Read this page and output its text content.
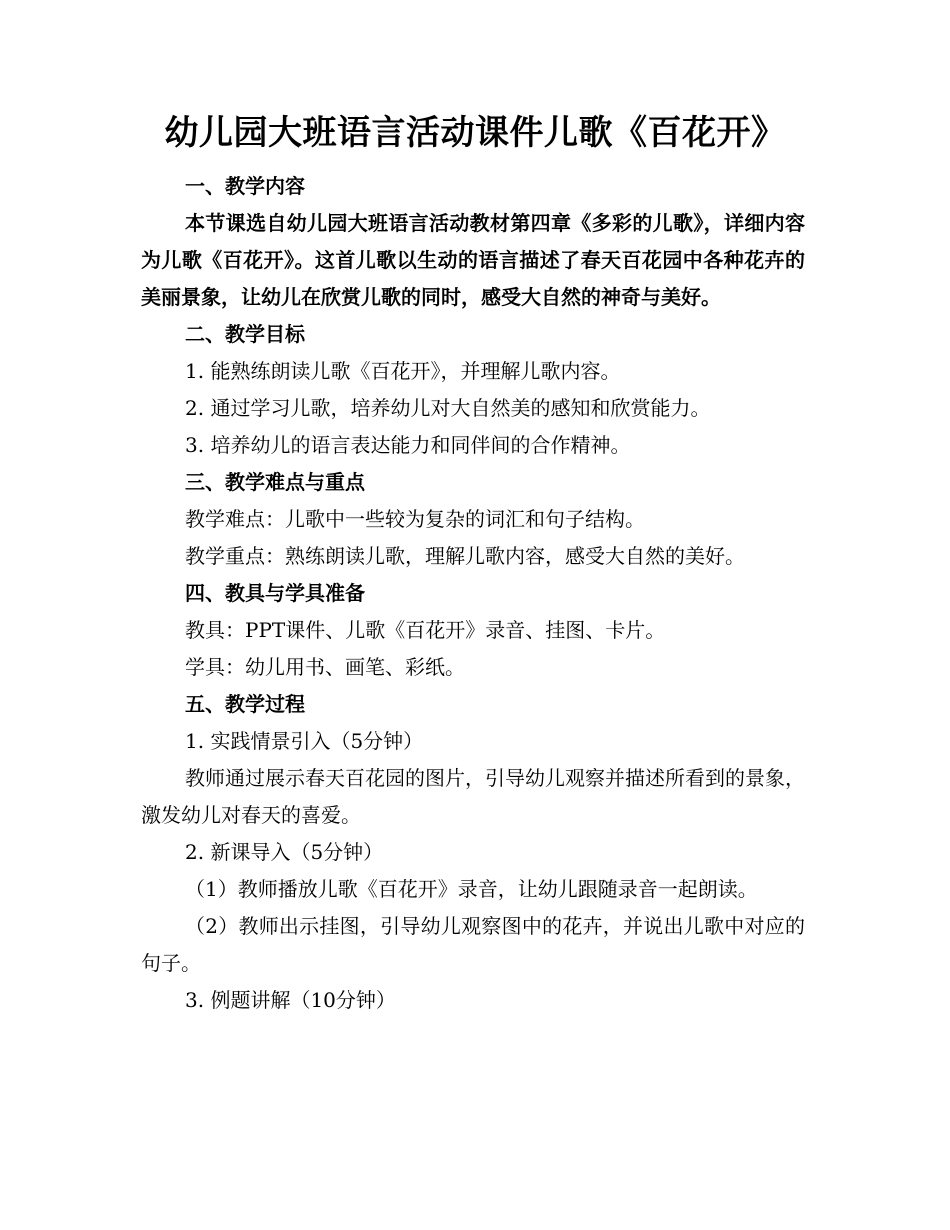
幼儿园大班语言活动课件儿歌《百花开》

一、教学内容

本节课选自幼儿园大班语言活动教材第四章《多彩的儿歌》，详细内容为儿歌《百花开》。这首儿歌以生动的语言描述了春天百花园中各种花卉的美丽景象，让幼儿在欣赏儿歌的同时，感受大自然的神奇与美好。

二、教学目标

1. 能熟练朗读儿歌《百花开》，并理解儿歌内容。

2. 通过学习儿歌，培养幼儿对大自然美的感知和欣赏能力。

3. 培养幼儿的语言表达能力和同伴间的合作精神。

三、教学难点与重点

教学难点：儿歌中一些较为复杂的词汇和句子结构。

教学重点：熟练朗读儿歌，理解儿歌内容，感受大自然的美好。

四、教具与学具准备

教具：PPT课件、儿歌《百花开》录音、挂图、卡片。

学具：幼儿用书、画笔、彩纸。

五、教学过程

1. 实践情景引入（5分钟）

教师通过展示春天百花园的图片，引导幼儿观察并描述所看到的景象，激发幼儿对春天的喜爱。

2. 新课导入（5分钟）

（1）教师播放儿歌《百花开》录音，让幼儿跟随录音一起朗读。

（2）教师出示挂图，引导幼儿观察图中的花卉，并说出儿歌中对应的句子。

3. 例题讲解（10分钟）
